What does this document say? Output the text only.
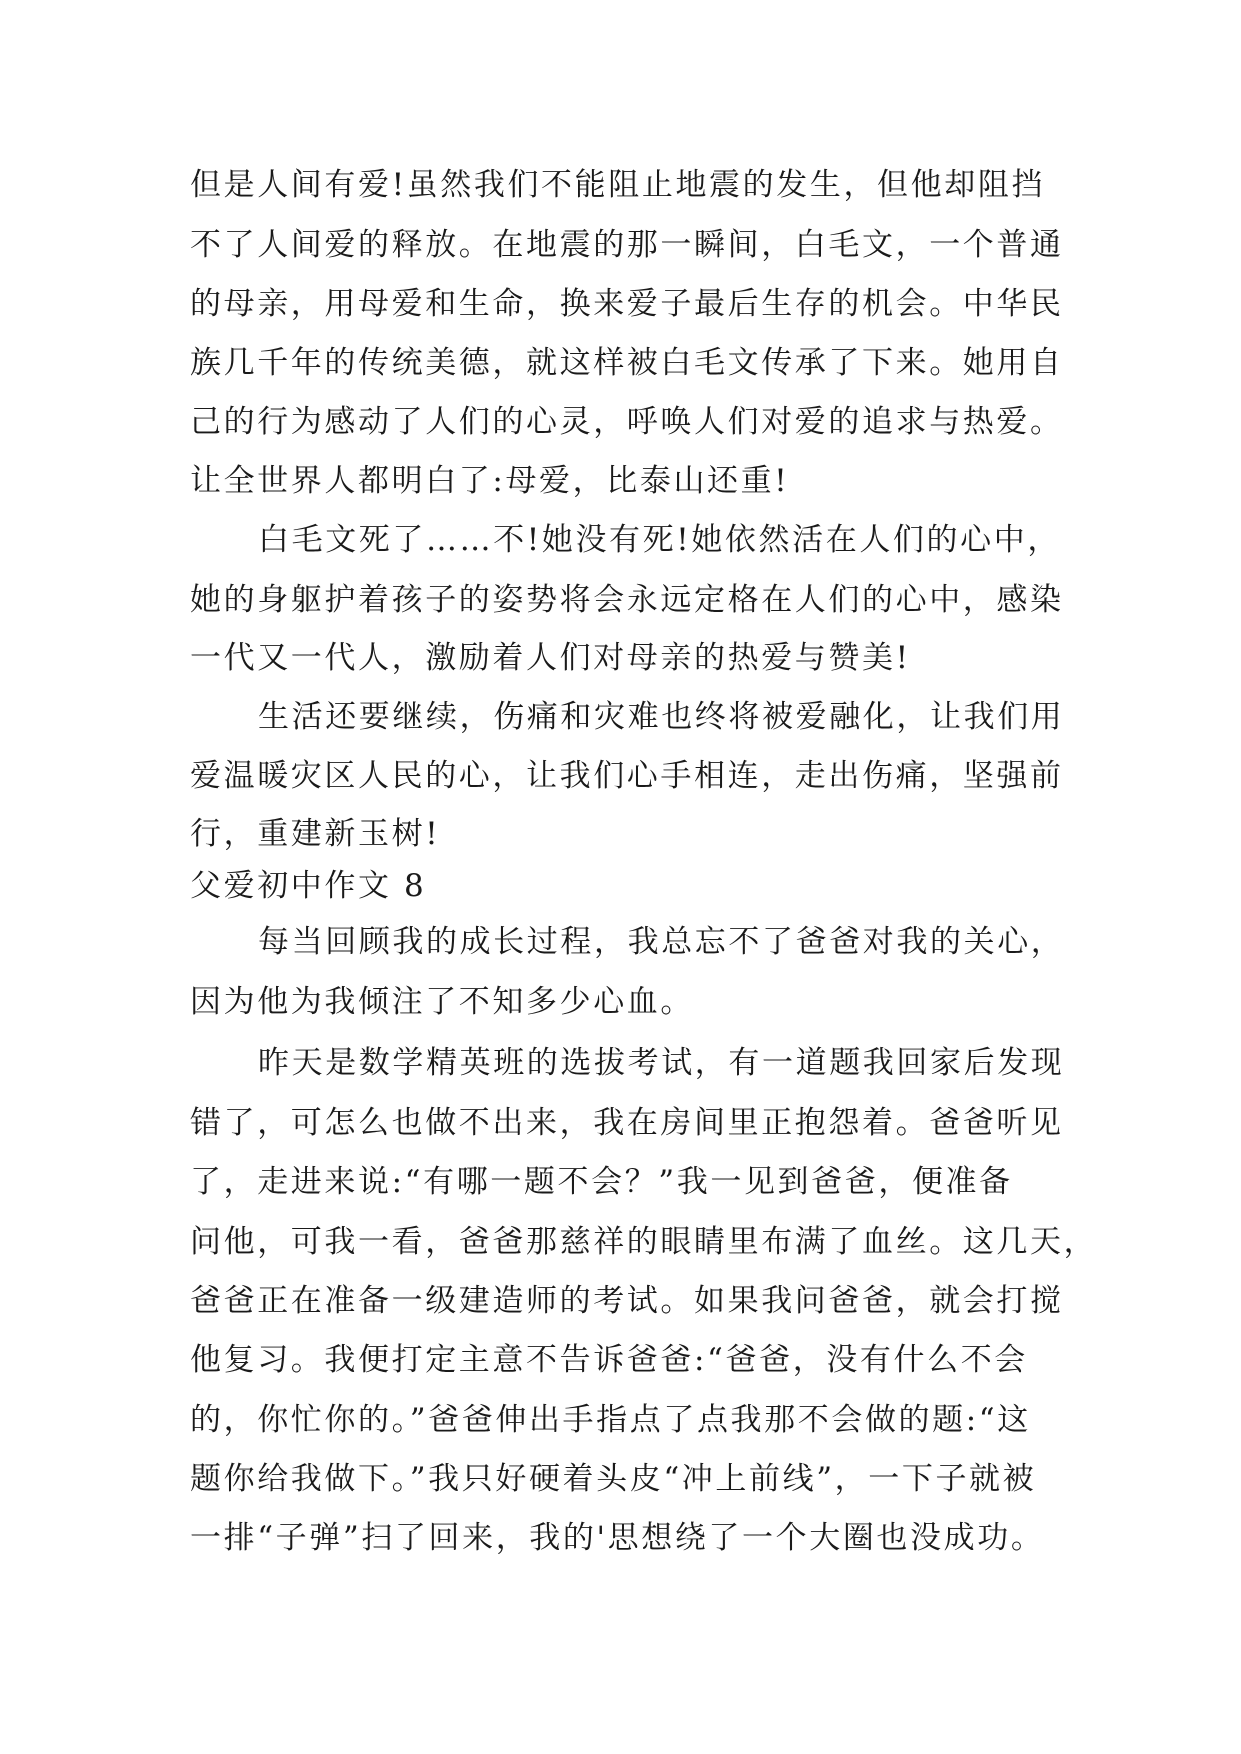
但是人间有爱!虽然我们不能阻止地震的发生，但他却阻挡
不了人间爱的释放。在地震的那一瞬间，白毛文，一个普通
的母亲，用母爱和生命，换来爱子最后生存的机会。中华民
族几千年的传统美德，就这样被白毛文传承了下来。她用自
己的行为感动了人们的心灵，呼唤人们对爱的追求与热爱。
让全世界人都明白了:母爱，比泰山还重!
白毛文死了……不!她没有死!她依然活在人们的心中，
她的身躯护着孩子的姿势将会永远定格在人们的心中，感染
一代又一代人，激励着人们对母亲的热爱与赞美!
生活还要继续，伤痛和灾难也终将被爱融化，让我们用
爱温暖灾区人民的心，让我们心手相连，走出伤痛，坚强前
行，重建新玉树!
父爱初中作文 8
每当回顾我的成长过程，我总忘不了爸爸对我的关心，
因为他为我倾注了不知多少心血。
昨天是数学精英班的选拔考试，有一道题我回家后发现
错了，可怎么也做不出来，我在房间里正抱怨着。爸爸听见
了，走进来说:“有哪一题不会？”我一见到爸爸，便准备
问他，可我一看，爸爸那慈祥的眼睛里布满了血丝。这几天，
爸爸正在准备一级建造师的考试。如果我问爸爸，就会打搅
他复习。我便打定主意不告诉爸爸:“爸爸，没有什么不会
的，你忙你的。”爸爸伸出手指点了点我那不会做的题:“这
题你给我做下。”我只好硬着头皮“冲上前线”，一下子就被
一排“子弹”扫了回来，我的'思想绕了一个大圈也没成功。
